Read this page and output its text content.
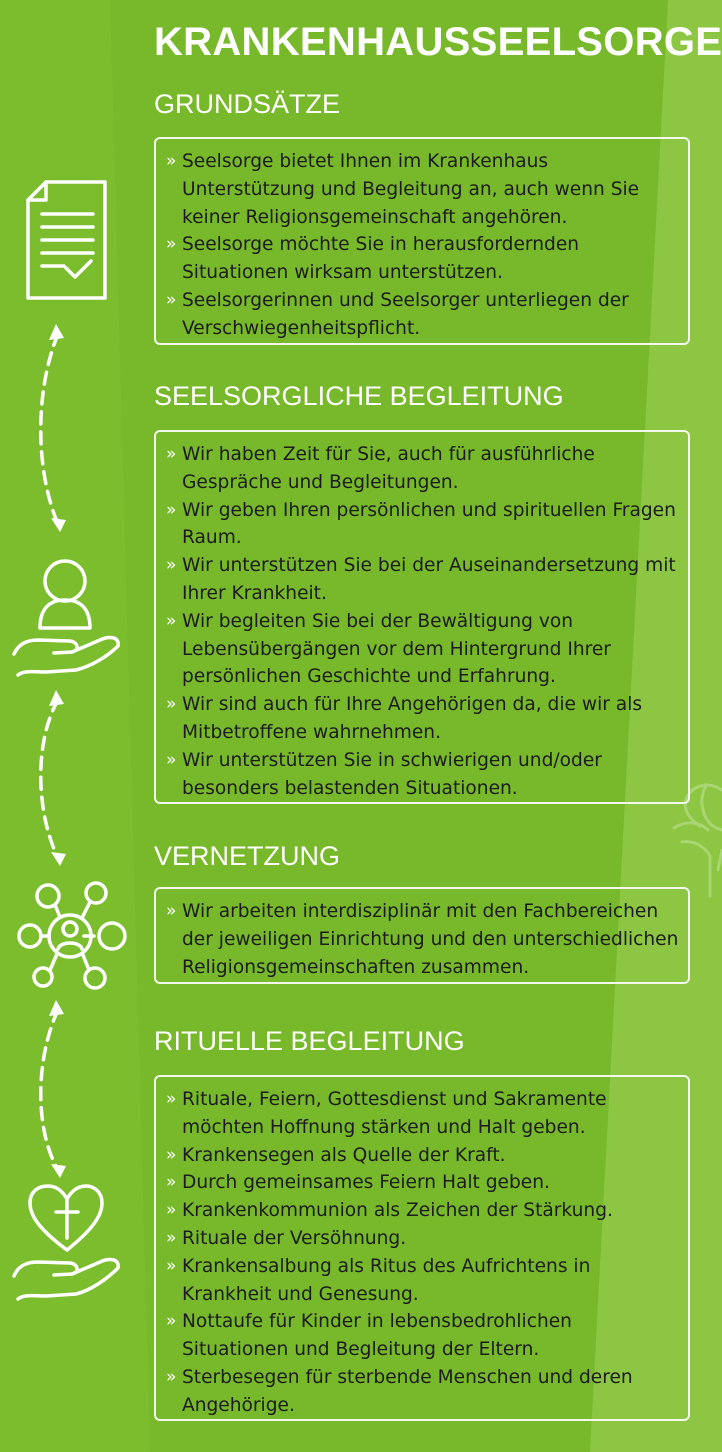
KRANKENHAUSSEELSORGE
GRUNDSÄTZE
» Seelsorge bietet Ihnen im Krankenhaus Unterstützung und Begleitung an, auch wenn Sie keiner Religionsgemeinschaft angehören.
» Seelsorge möchte Sie in herausfordernden Situationen wirksam unterstützen.
» Seelsorgerinnen und Seelsorger unterliegen der Verschwiegenheitspflicht.
SEELSORGLICHE BEGLEITUNG
» Wir haben Zeit für Sie, auch für ausführliche Gespräche und Begleitungen.
» Wir geben Ihren persönlichen und spirituellen Fragen Raum.
» Wir unterstützen Sie bei der Auseinandersetzung mit Ihrer Krankheit.
» Wir begleiten Sie bei der Bewältigung von Lebensübergängen vor dem Hintergrund Ihrer persönlichen Geschichte und Erfahrung.
» Wir sind auch für Ihre Angehörigen da, die wir als Mitbetroffene wahrnehmen.
» Wir unterstützen Sie in schwierigen und/oder besonders belastenden Situationen.
VERNETZUNG
» Wir arbeiten interdisziplinär mit den Fachbereichen der jeweiligen Einrichtung und den unterschiedlichen Religionsgemeinschaften zusammen.
RITUELLE BEGLEITUNG
» Rituale, Feiern, Gottesdienst und Sakramente möchten Hoffnung stärken und Halt geben.
» Krankensegen als Quelle der Kraft.
» Durch gemeinsames Feiern Halt geben.
» Krankenkommunion als Zeichen der Stärkung.
» Rituale der Versöhnung.
» Krankensalbung als Ritus des Aufrichtens in Krankheit und Genesung.
» Nottaufe für Kinder in lebensbedrohlichen Situationen und Begleitung der Eltern.
» Sterbesegen für sterbende Menschen und deren Angehörige.
